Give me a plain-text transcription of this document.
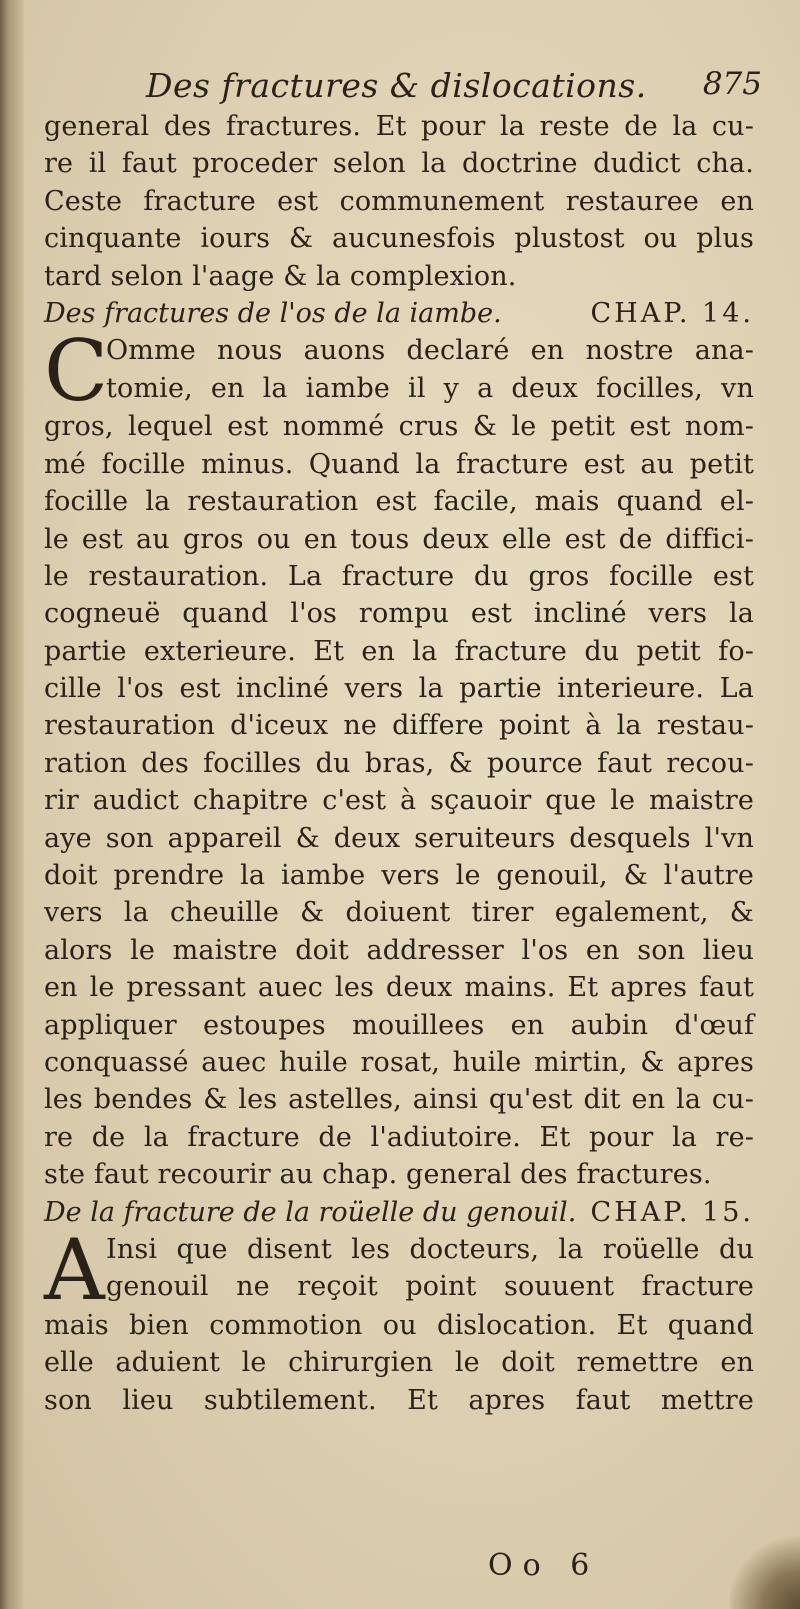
Des fractures & dislocations. 875
general des fractures. Et pour la reste de la cu-
re il faut proceder selon la doctrine dudict cha.
Ceste fracture est communement restauree en
cinquante iours & aucunesfois plustost ou plus
tard selon l'aage & la complexion.
Des fractures de l'os de la iambe.	CHAP. 14.
C
Omme nous auons declaré en nostre ana-
tomie, en la iambe il y a deux focilles, vn
gros, lequel est nommé crus & le petit est nom-
mé focille minus. Quand la fracture est au petit
focille la restauration est facile, mais quand el-
le est au gros ou en tous deux elle est de diffici-
le restauration. La fracture du gros focille est
cogneuë quand l'os rompu est incliné vers la
partie exterieure. Et en la fracture du petit fo-
cille l'os est incliné vers la partie interieure. La
restauration d'iceux ne differe point à la restau-
ration des focilles du bras, & pource faut recou-
rir audict chapitre c'est à sçauoir que le maistre
aye son appareil & deux seruiteurs desquels l'vn
doit prendre la iambe vers le genouil, & l'autre
vers la cheuille & doiuent tirer egalement, &
alors le maistre doit addresser l'os en son lieu
en le pressant auec les deux mains. Et apres faut
appliquer estoupes mouillees en aubin d'œuf
conquassé auec huile rosat, huile mirtin, & apres
les bendes & les astelles, ainsi qu'est dit en la cu-
re de la fracture de l'adiutoire. Et pour la re-
ste faut recourir au chap. general des fractures.
De la fracture de la roüelle du genouil. CHAP. 15.
A Insi que disent les docteurs, la roüelle du
genouil ne reçoit point souuent fracture
mais bien commotion ou dislocation. Et quand
elle aduient le chirurgien le doit remettre en
son lieu subtilement. Et apres faut mettre
Oo 6
